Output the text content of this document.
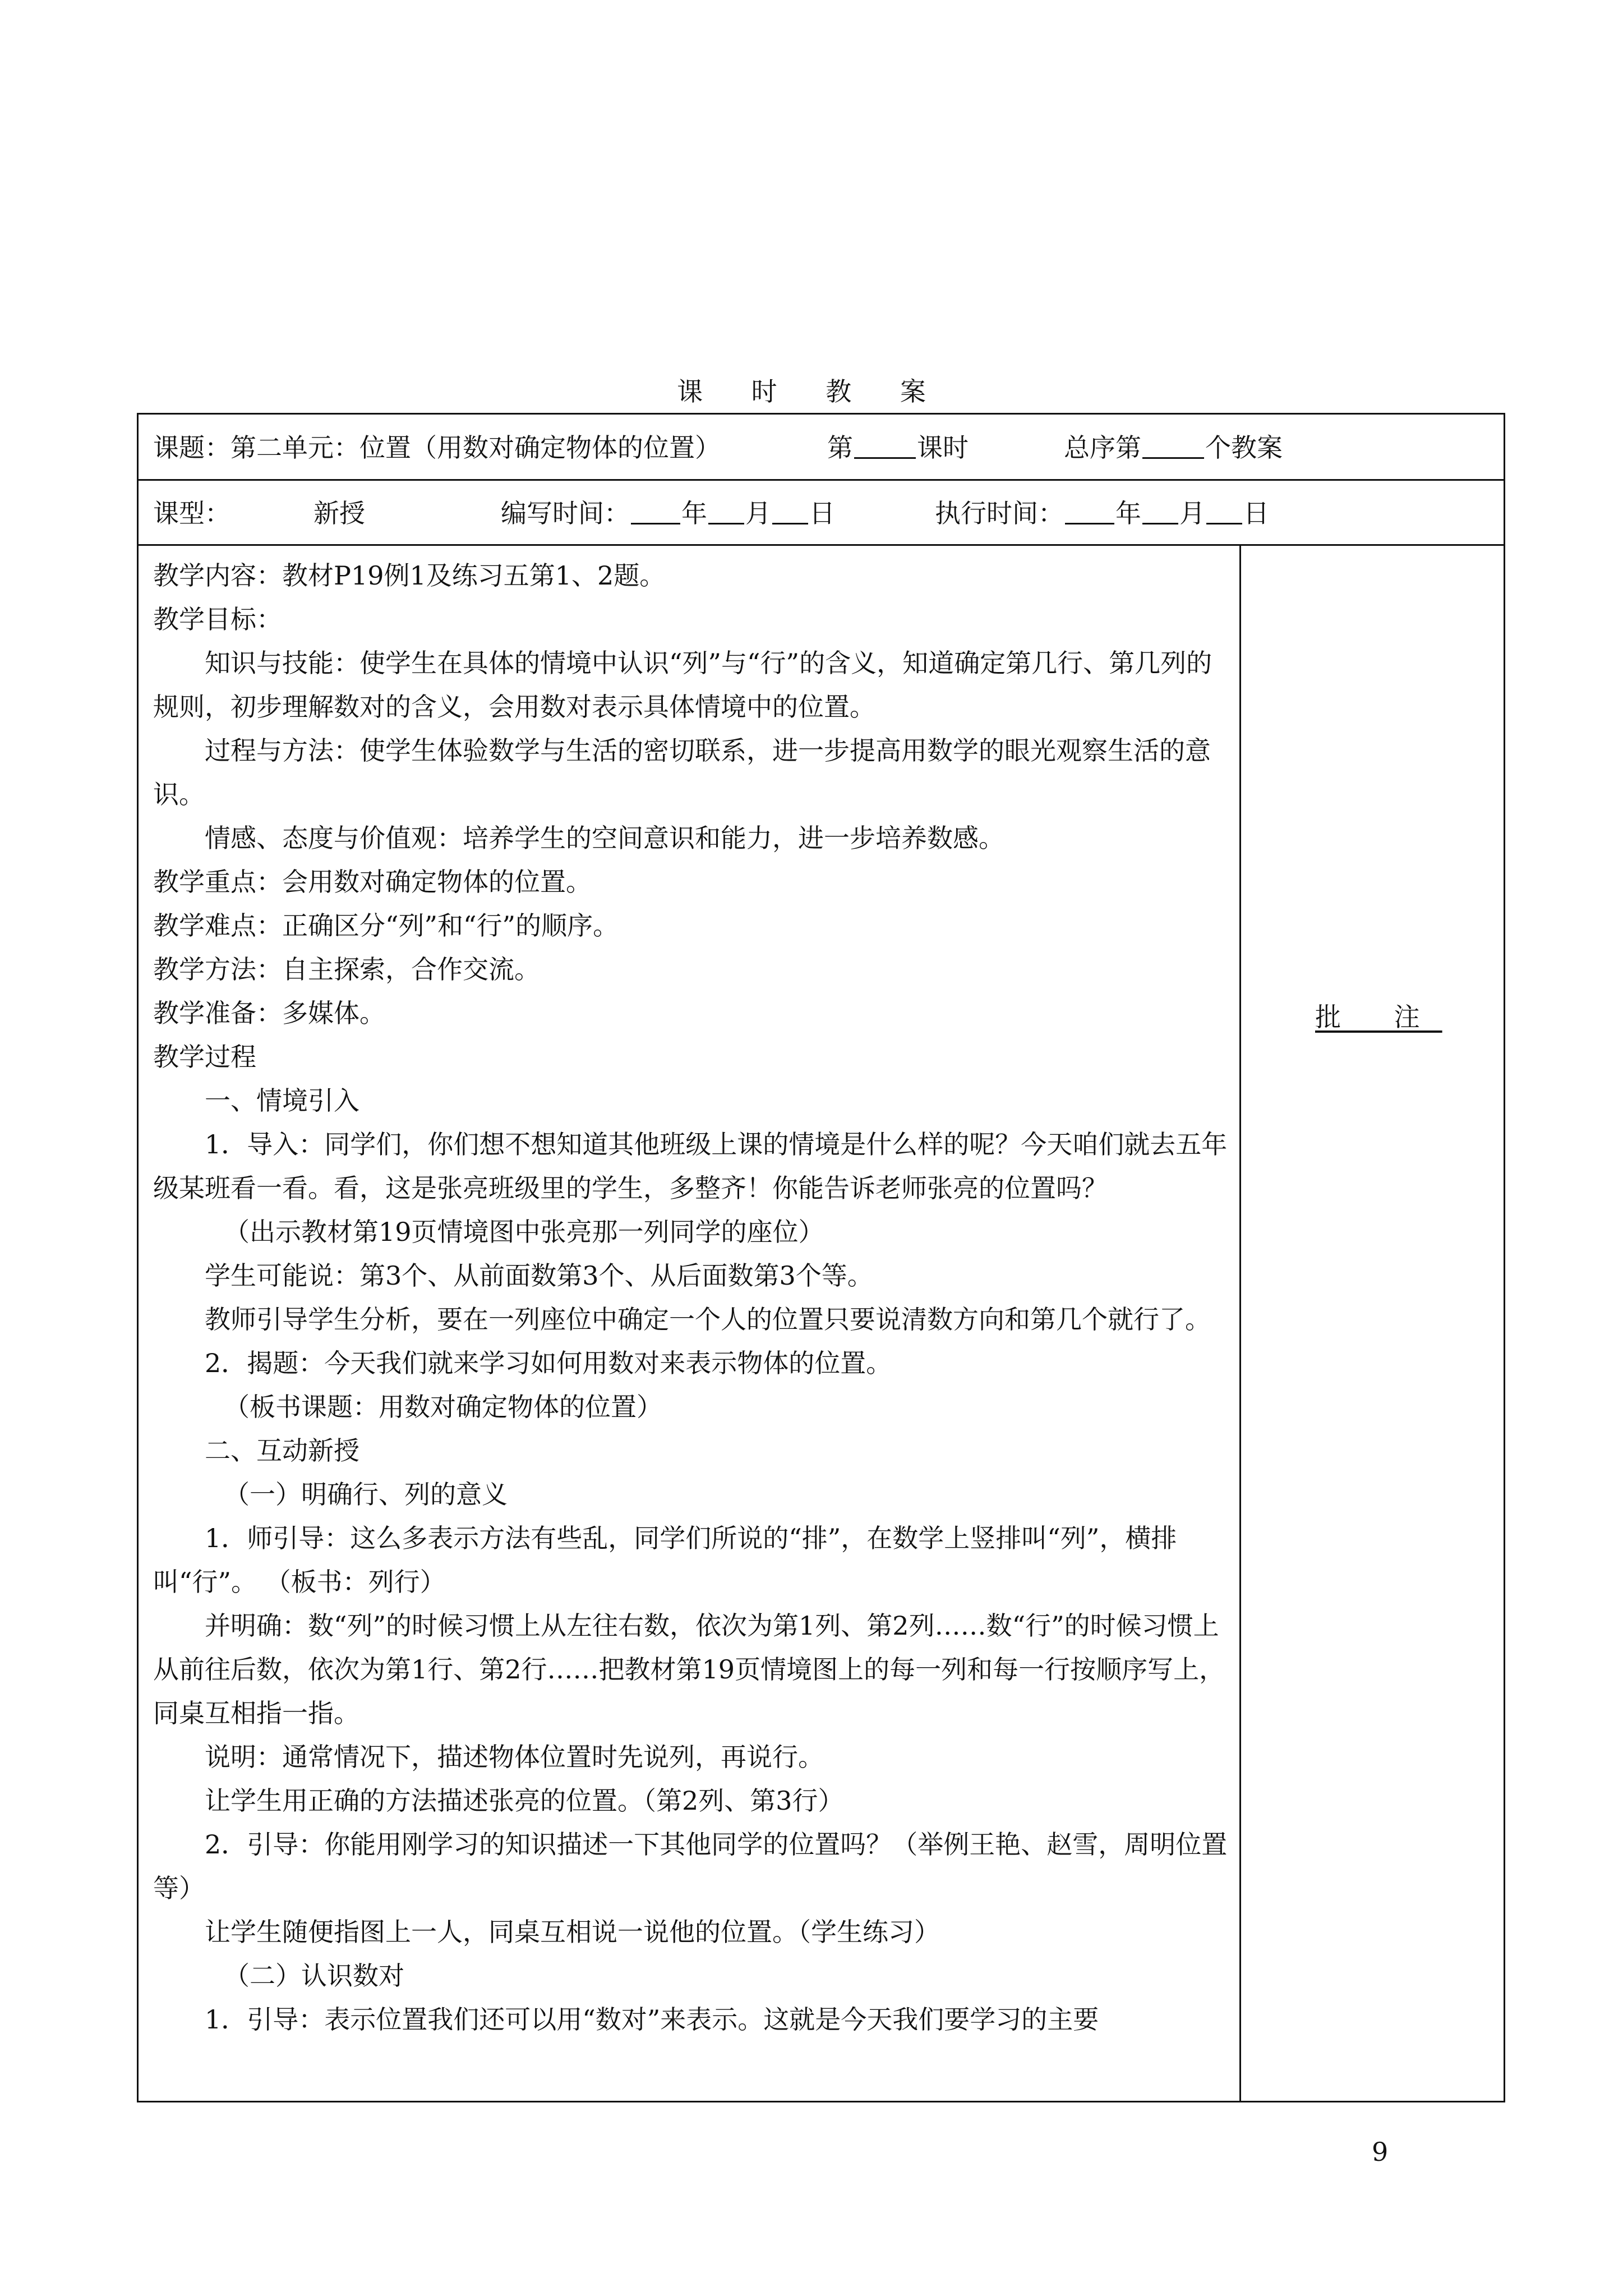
课 时 教 案
课题：第二单元：位置（用数对确定物体的位置）	第 课时	总序第 个教案
课型：	新授	编写时间： 年 月 日	执行时间： 年 月 日

教学内容：教材P19例1及练习五第1、2题。

教学目标：

知识与技能：使学生在具体的情境中认识“列”与“行”的含义，知道确定第几行、第几列的规则，初步理解数对的含义，会用数对表示具体情境中的位置。

过程与方法：使学生体验数学与生活的密切联系，进一步提高用数学的眼光观察生活的意识。

情感、态度与价值观：培养学生的空间意识和能力，进一步培养数感。

教学重点：会用数对确定物体的位置。

教学难点：正确区分“列”和“行”的顺序。

教学方法：自主探索，合作交流。

教学准备：多媒体。

教学过程

一、情境引入

1．导入：同学们，你们想不想知道其他班级上课的情境是什么样的呢？今天咱们就去五年级某班看一看。看，这是张亮班级里的学生，多整齐！你能告诉老师张亮的位置吗？

（出示教材第19页情境图中张亮那一列同学的座位）

学生可能说：第3个、从前面数第3个、从后面数第3个等。

教师引导学生分析，要在一列座位中确定一个人的位置只要说清数方向和第几个就行了。

2．揭题：今天我们就来学习如何用数对来表示物体的位置。

（板书课题：用数对确定物体的位置）

二、互动新授

（一）明确行、列的意义

1．师引导：这么多表示方法有些乱，同学们所说的“排”，在数学上竖排叫“列”，横排叫“行”。 （板书：列行）

并明确：数“列”的时候习惯上从左往右数，依次为第1列、第2列……数“行”的时候习惯上从前往后数，依次为第1行、第2行……把教材第19页情境图上的每一列和每一行按顺序写上，同桌互相指一指。

说明：通常情况下，描述物体位置时先说列，再说行。

让学生用正确的方法描述张亮的位置。（第2列、第3行）

2．引导：你能用刚学习的知识描述一下其他同学的位置吗？（举例王艳、赵雪，周明位置等）

让学生随便指图上一人，同桌互相说一说他的位置。（学生练习）

（二）认识数对

1．引导：表示位置我们还可以用“数对”来表示。这就是今天我们要学习的主要

批 注
9
